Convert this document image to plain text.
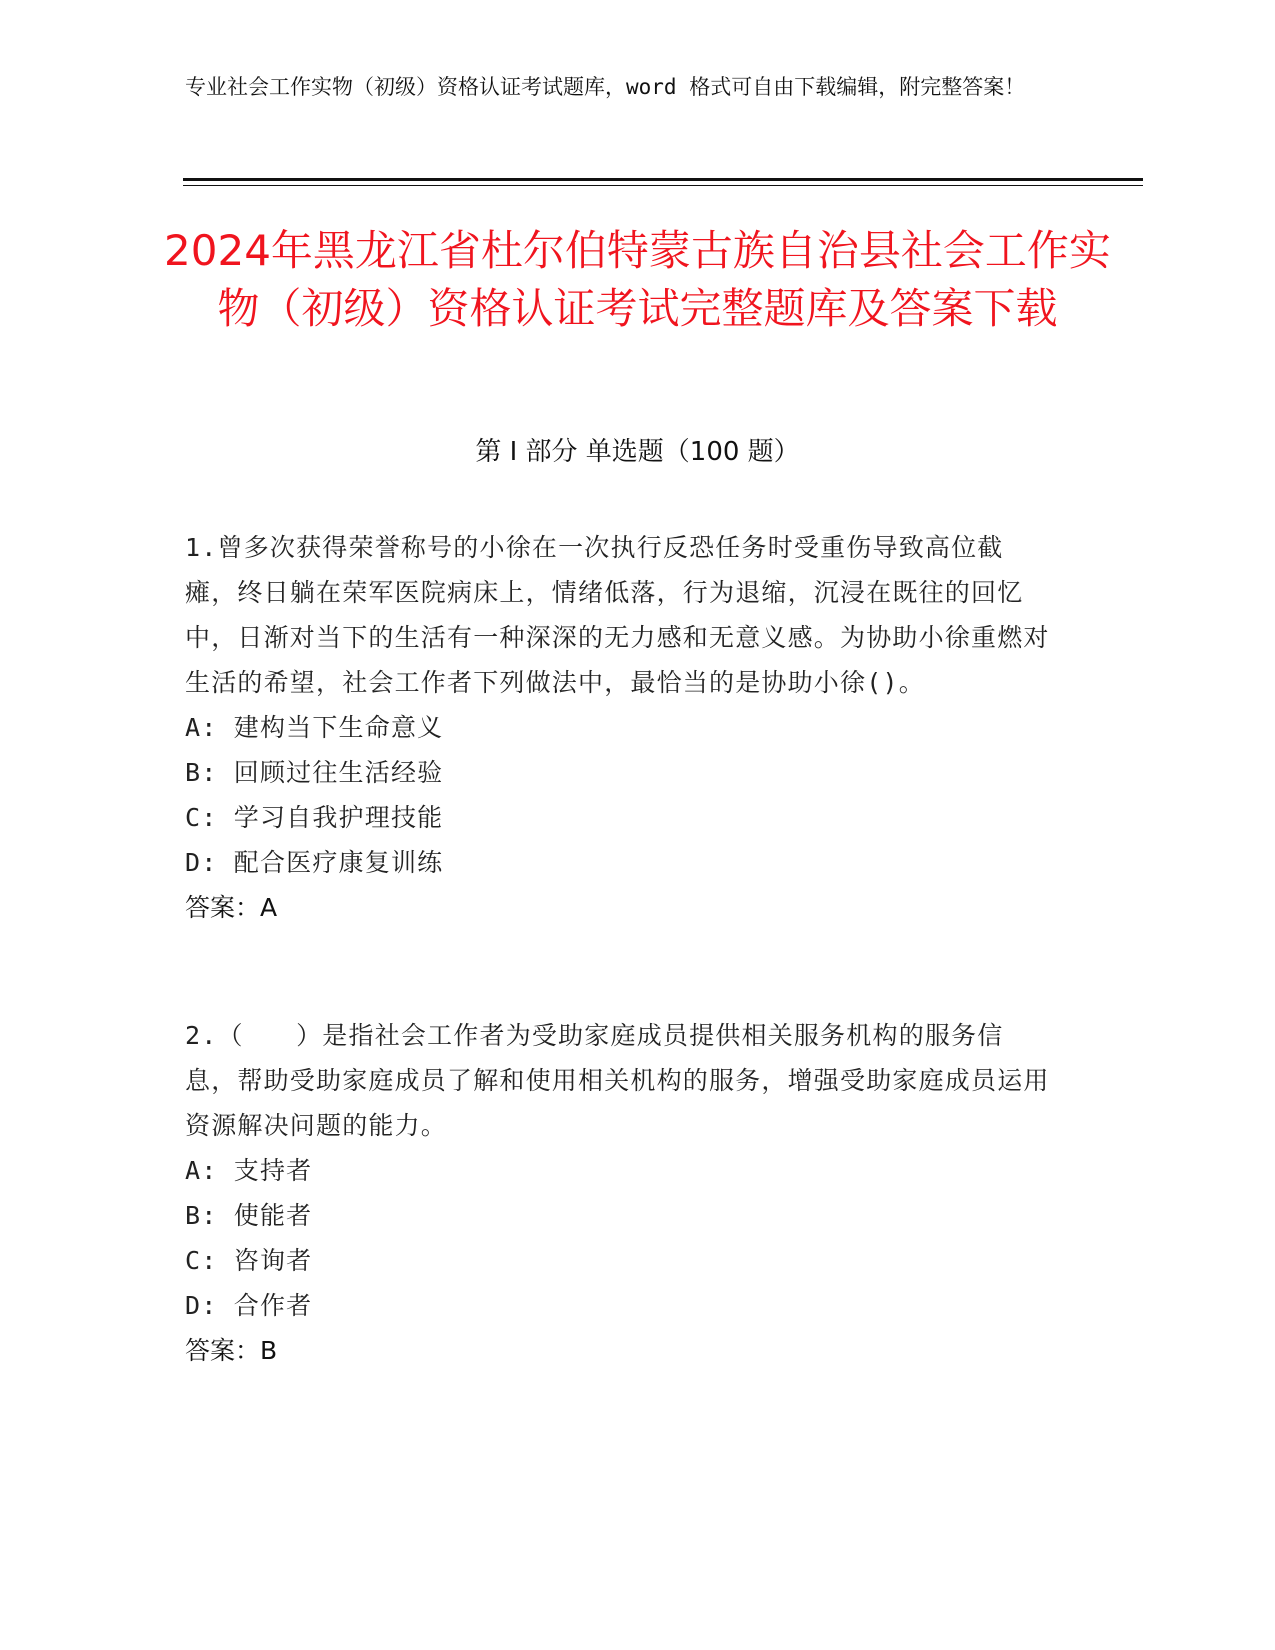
专业社会工作实物（初级）资格认证考试题库，word 格式可自由下载编辑，附完整答案！

2024年黑龙江省杜尔伯特蒙古族自治县社会工作实物（初级）资格认证考试完整题库及答案下载
第 I 部分 单选题（100 题）

1.曾多次获得荣誉称号的小徐在一次执行反恐任务时受重伤导致高位截瘫，终日躺在荣军医院病床上，情绪低落，行为退缩，沉浸在既往的回忆中，日渐对当下的生活有一种深深的无力感和无意义感。为协助小徐重燃对生活的希望，社会工作者下列做法中，最恰当的是协助小徐()。

A: 建构当下生命意义

B: 回顾过往生活经验

C: 学习自我护理技能

D: 配合医疗康复训练

答案：A

2.（　　）是指社会工作者为受助家庭成员提供相关服务机构的服务信息，帮助受助家庭成员了解和使用相关机构的服务，增强受助家庭成员运用资源解决问题的能力。

A: 支持者

B: 使能者

C: 咨询者

D: 合作者

答案：B
